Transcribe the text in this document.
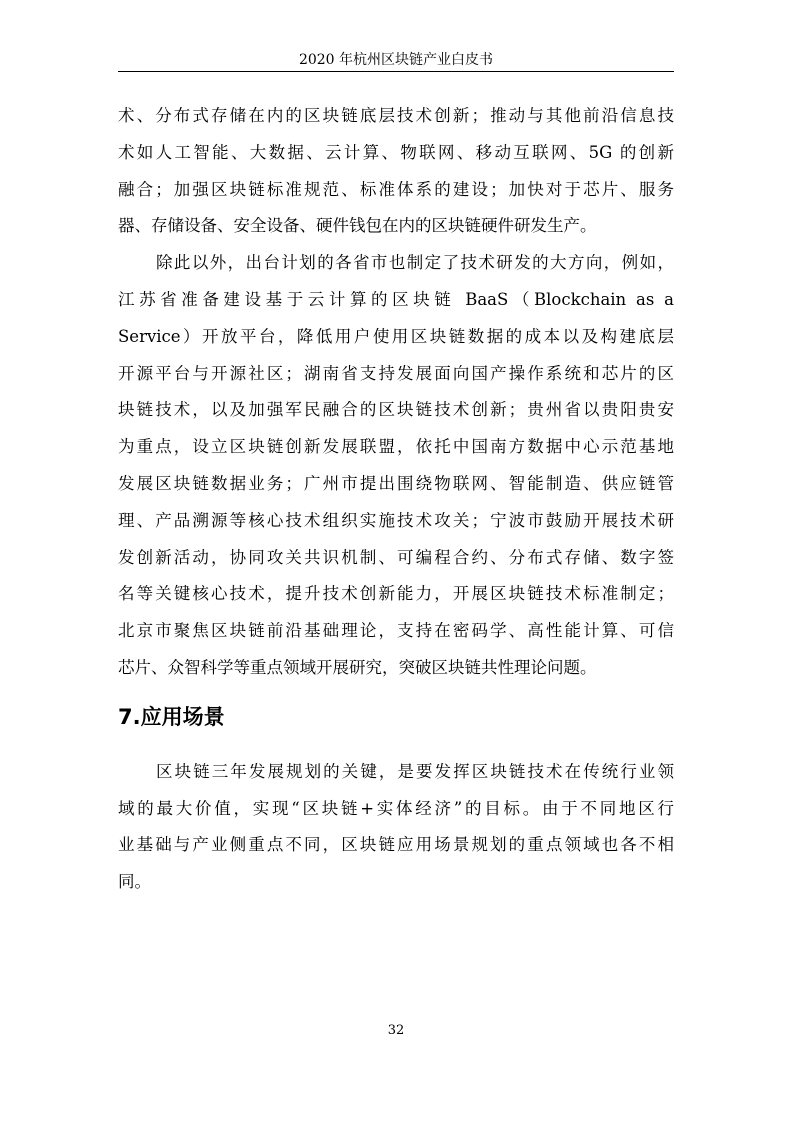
2020 年杭州区块链产业白皮书
术、分布式存储在内的区块链底层技术创新；推动与其他前沿信息技
术如人工智能、大数据、云计算、物联网、移动互联网、5G 的创新
融合；加强区块链标准规范、标准体系的建设；加快对于芯片、服务
器、存储设备、安全设备、硬件钱包在内的区块链硬件研发生产。
除此以外，出台计划的各省市也制定了技术研发的大方向，例如，
江苏省准备建设基于云计算的区块链 BaaS（Blockchain as a
Service）开放平台，降低用户使用区块链数据的成本以及构建底层
开源平台与开源社区；湖南省支持发展面向国产操作系统和芯片的区
块链技术，以及加强军民融合的区块链技术创新；贵州省以贵阳贵安
为重点，设立区块链创新发展联盟，依托中国南方数据中心示范基地
发展区块链数据业务；广州市提出围绕物联网、智能制造、供应链管
理、产品溯源等核心技术组织实施技术攻关；宁波市鼓励开展技术研
发创新活动，协同攻关共识机制、可编程合约、分布式存储、数字签
名等关键核心技术，提升技术创新能力，开展区块链技术标准制定；
北京市聚焦区块链前沿基础理论，支持在密码学、高性能计算、可信
芯片、众智科学等重点领域开展研究，突破区块链共性理论问题。
7.应用场景
区块链三年发展规划的关键，是要发挥区块链技术在传统行业领
域的最大价值，实现“区块链+实体经济”的目标。由于不同地区行
业基础与产业侧重点不同，区块链应用场景规划的重点领域也各不相
同。
32
